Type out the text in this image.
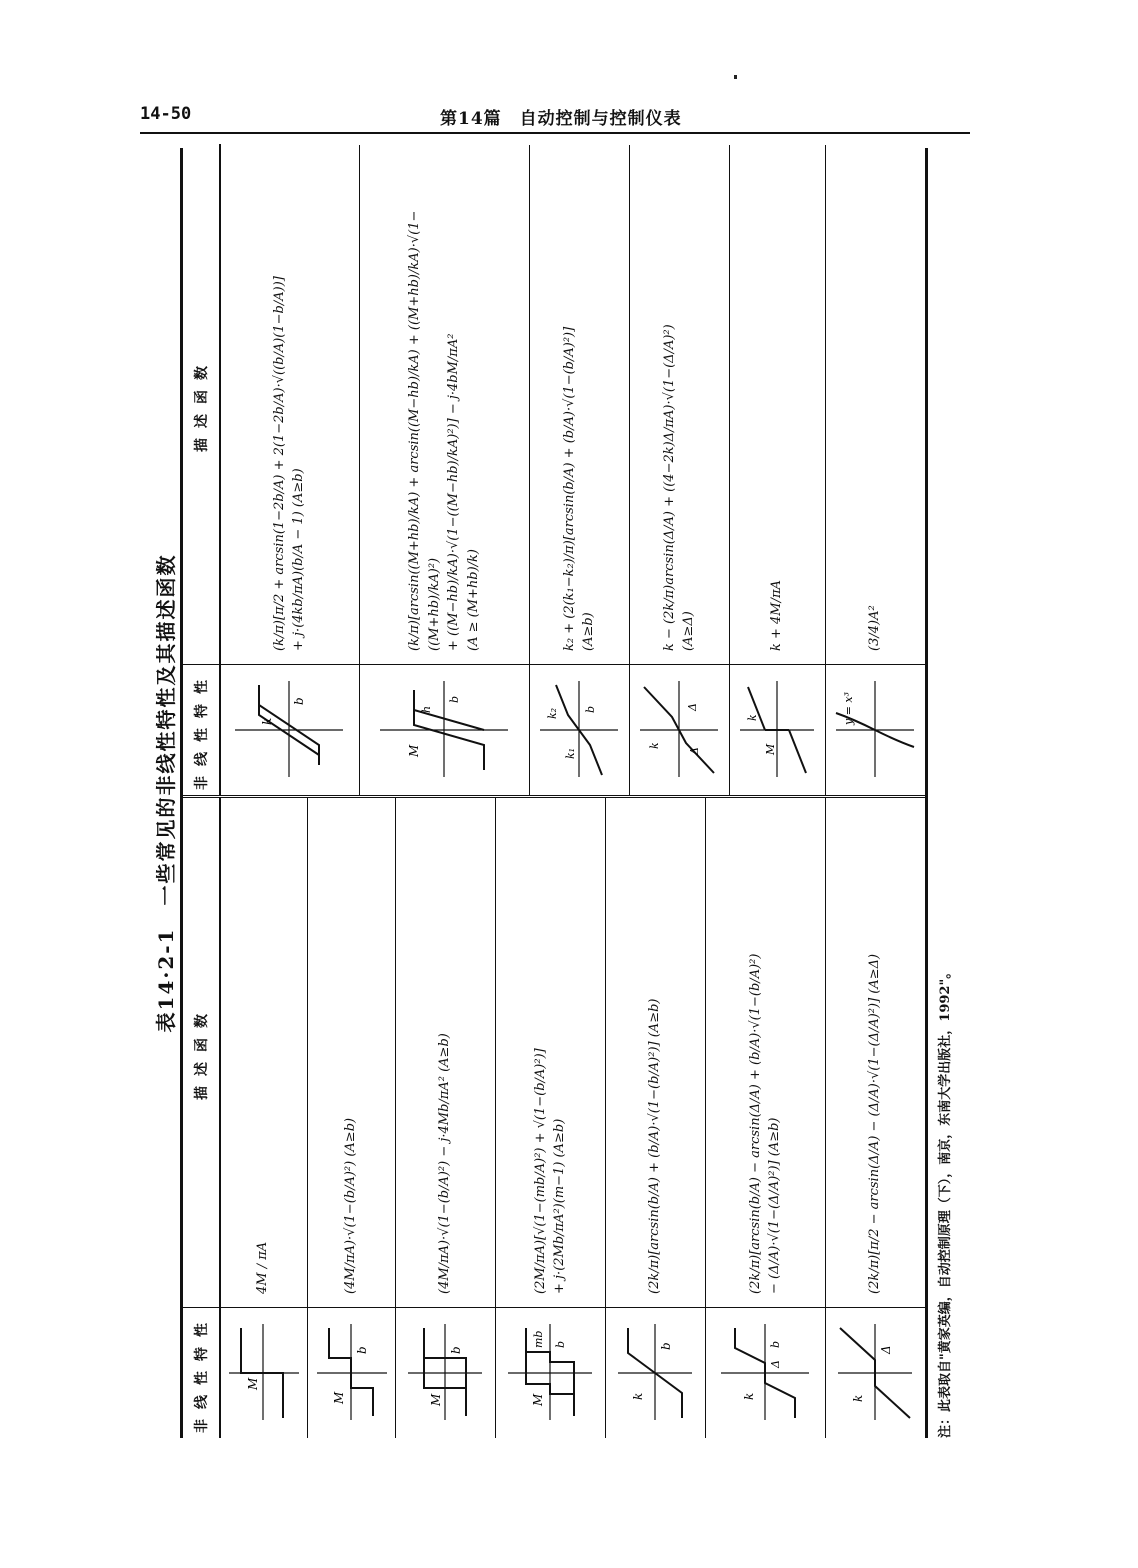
14-50	第14篇　自动控制与控制仪表
表14·2-1　一些常见的非线性特性及其描述函数
非线性特性
描述函数
M
4M / πA
M
b
(4M/πA)·√(1−(b/A)²) (A≥b)
M
b
(4M/πA)·√(1−(b/A)²) − j·4Mb/πA² (A≥b)
M
mb b
(2M/πA)[√(1−(mb/A)²) + √(1−(b/A)²)]
+ j·(2Mb/πA²)(m−1) (A≥b)
k
b
(2k/π)[arcsin(b/A) + (b/A)·√(1−(b/A)²)] (A≥b)
k
Δ
b
(2k/π)[arcsin(b/A) − arcsin(Δ/A) + (b/A)·√(1−(b/A)²)
− (Δ/A)·√(1−(Δ/A)²)] (A≥b)
k
Δ
(2k/π)[π/2 − arcsin(Δ/A) − (Δ/A)·√(1−(Δ/A)²)] (A≥Δ)
非线性特性
描述函数
k
b
(k/π)[π/2 + arcsin(1−2b/A) + 2(1−2b/A)·√((b/A)(1−b/A))]
+ j·(4kb/πA)(b/A − 1) (A≥b)
M
h
b
(k/π)[arcsin((M+hb)/kA) + arcsin((M−hb)/kA) + ((M+hb)/kA)·√(1−((M+hb)/kA)²)
+ ((M−hb)/kA)·√(1−((M−hb)/kA)²)] − j·4bM/πA²
(A ≥ (M+hb)/k)
k₂
k₁
b
k₂ + (2(k₁−k₂)/π)[arcsin(b/A) + (b/A)·√(1−(b/A)²)]
(A≥b)
k
Δ
Δ
k − (2k/π)arcsin(Δ/A) + ((4−2k)Δ/πA)·√(1−(Δ/A)²)
(A≥Δ)
k
M
k + 4M/πA
y = x³
(3/4)A²
注：此表取自"黄家英编，自动控制原理（下），南京，东南大学出版社，1992"。
